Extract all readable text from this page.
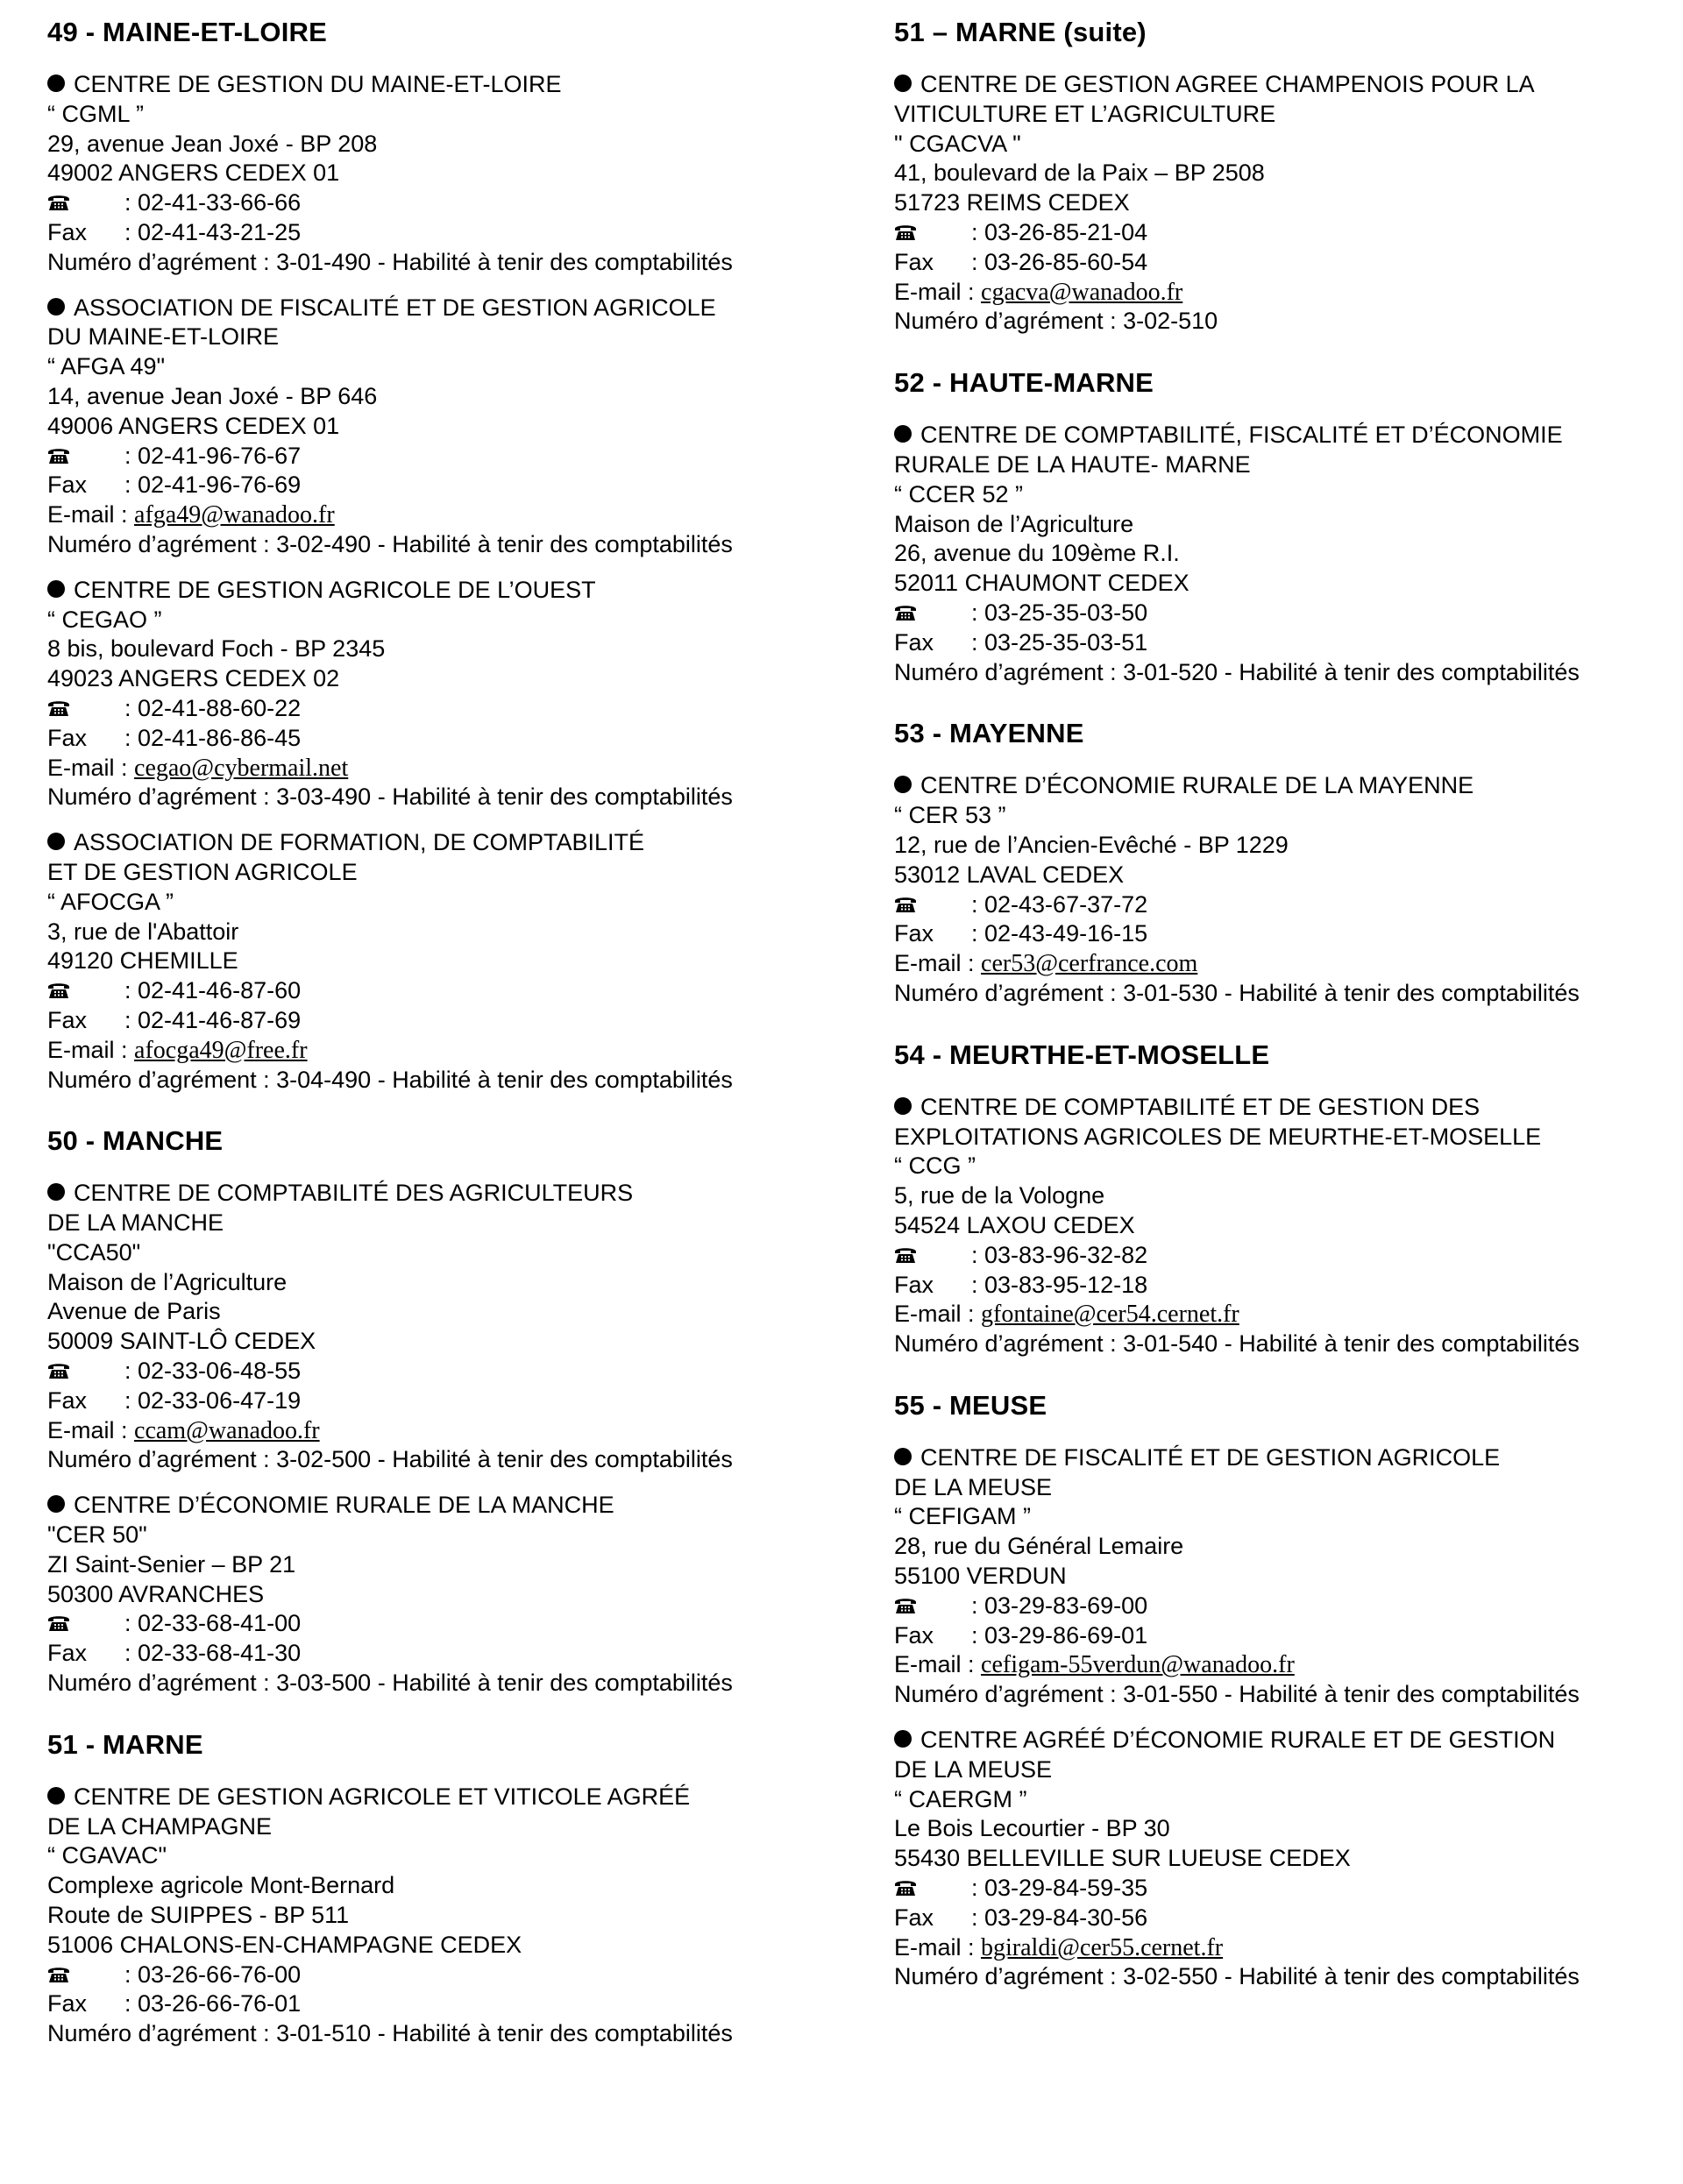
49 - MAINE-ET-LOIRE
CENTRE DE GESTION DU MAINE-ET-LOIRE
“ CGML ”
29, avenue Jean Joxé - BP 208
49002 ANGERS CEDEX 01
: 02-41-33-66-66
Fax : 02-41-43-21-25
Numéro d’agrément : 3-01-490 - Habilité à tenir des comptabilités
ASSOCIATION DE FISCALITÉ ET DE GESTION AGRICOLE
DU MAINE-ET-LOIRE
“ AFGA 49"
14, avenue Jean Joxé - BP 646
49006 ANGERS CEDEX 01
: 02-41-96-76-67
Fax : 02-41-96-76-69
E-mail : afga49@wanadoo.fr
Numéro d’agrément : 3-02-490 - Habilité à tenir des comptabilités
CENTRE DE GESTION AGRICOLE DE L’OUEST
“ CEGAO ”
8 bis, boulevard Foch - BP 2345
49023 ANGERS CEDEX 02
: 02-41-88-60-22
Fax : 02-41-86-86-45
E-mail : cegao@cybermail.net
Numéro d’agrément : 3-03-490 - Habilité à tenir des comptabilités
ASSOCIATION DE FORMATION, DE COMPTABILITÉ
ET DE GESTION AGRICOLE
“ AFOCGA ”
3, rue de l'Abattoir
49120 CHEMILLE
: 02-41-46-87-60
Fax : 02-41-46-87-69
E-mail : afocga49@free.fr
Numéro d’agrément : 3-04-490 - Habilité à tenir des comptabilités
50 - MANCHE
CENTRE DE COMPTABILITÉ DES AGRICULTEURS
DE LA MANCHE
"CCA50"
Maison de l’Agriculture
Avenue de Paris
50009 SAINT-LÔ CEDEX
: 02-33-06-48-55
Fax : 02-33-06-47-19
E-mail : ccam@wanadoo.fr
Numéro d’agrément : 3-02-500 - Habilité à tenir des comptabilités
CENTRE D’ÉCONOMIE RURALE DE LA MANCHE
"CER 50"
ZI Saint-Senier – BP 21
50300 AVRANCHES
: 02-33-68-41-00
Fax : 02-33-68-41-30
Numéro d’agrément : 3-03-500 - Habilité à tenir des comptabilités
51 - MARNE
CENTRE DE GESTION AGRICOLE ET VITICOLE AGRÉÉ
DE LA CHAMPAGNE
“ CGAVAC"
Complexe agricole Mont-Bernard
Route de SUIPPES - BP 511
51006 CHALONS-EN-CHAMPAGNE CEDEX
: 03-26-66-76-00
Fax : 03-26-66-76-01
Numéro d’agrément : 3-01-510 - Habilité à tenir des comptabilités
51 – MARNE (suite)
CENTRE DE GESTION AGREE CHAMPENOIS POUR LA
VITICULTURE ET L’AGRICULTURE
" CGACVA "
41, boulevard de la Paix – BP 2508
51723 REIMS CEDEX
: 03-26-85-21-04
Fax : 03-26-85-60-54
E-mail : cgacva@wanadoo.fr
Numéro d’agrément : 3-02-510
52 - HAUTE-MARNE
CENTRE DE COMPTABILITÉ, FISCALITÉ ET D’ÉCONOMIE
RURALE DE LA HAUTE- MARNE
“ CCER 52 ”
Maison de l’Agriculture
26, avenue du 109ème R.I.
52011 CHAUMONT CEDEX
: 03-25-35-03-50
Fax : 03-25-35-03-51
Numéro d’agrément : 3-01-520 - Habilité à tenir des comptabilités
53 - MAYENNE
CENTRE D’ÉCONOMIE RURALE DE LA MAYENNE
“ CER 53 ”
12, rue de l’Ancien-Evêché - BP 1229
53012 LAVAL CEDEX
: 02-43-67-37-72
Fax : 02-43-49-16-15
E-mail : cer53@cerfrance.com
Numéro d’agrément : 3-01-530 - Habilité à tenir des comptabilités
54 - MEURTHE-ET-MOSELLE
CENTRE DE COMPTABILITÉ ET DE GESTION DES
EXPLOITATIONS AGRICOLES DE MEURTHE-ET-MOSELLE
“ CCG ”
5, rue de la Vologne
54524 LAXOU CEDEX
: 03-83-96-32-82
Fax : 03-83-95-12-18
E-mail : gfontaine@cer54.cernet.fr
Numéro d’agrément : 3-01-540 - Habilité à tenir des comptabilités
55 - MEUSE
CENTRE DE FISCALITÉ ET DE GESTION AGRICOLE
DE LA MEUSE
“ CEFIGAM ”
28, rue du Général Lemaire
55100 VERDUN
: 03-29-83-69-00
Fax : 03-29-86-69-01
E-mail : cefigam-55verdun@wanadoo.fr
Numéro d’agrément : 3-01-550 - Habilité à tenir des comptabilités
CENTRE AGRÉÉ D’ÉCONOMIE RURALE ET DE GESTION
DE LA MEUSE
“ CAERGM ”
Le Bois Lecourtier - BP 30
55430 BELLEVILLE SUR LUEUSE CEDEX
: 03-29-84-59-35
Fax : 03-29-84-30-56
E-mail : bgiraldi@cer55.cernet.fr
Numéro d’agrément : 3-02-550 - Habilité à tenir des comptabilités
